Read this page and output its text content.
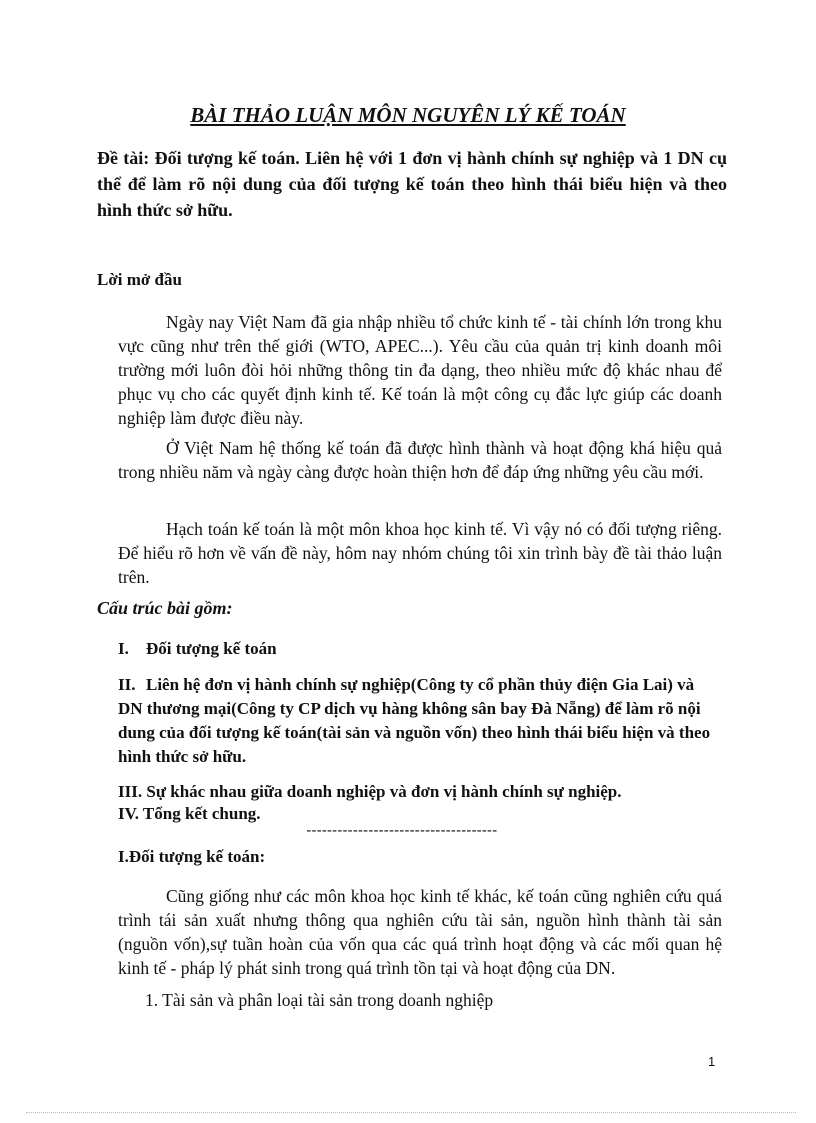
BÀI THẢO LUẬN MÔN NGUYÊN LÝ KẾ TOÁN

Đề tài: Đối tượng kế toán. Liên hệ với 1 đơn vị hành chính sự nghiệp và 1 DN cụ thể để làm rõ nội dung của đối tượng kế toán theo hình thái biểu hiện và theo hình thức sở hữu.

Lời mở đầu

Ngày nay Việt Nam đã gia nhập nhiều tổ chức kinh tế - tài chính lớn trong khu vực cũng như trên thế giới (WTO, APEC...). Yêu cầu của quản trị kinh doanh môi trường mới luôn đòi hỏi những thông tin đa dạng, theo nhiều mức độ khác nhau để phục vụ cho các quyết định kinh tế. Kế toán là một công cụ đắc lực giúp các doanh nghiệp làm được điều này.

Ở Việt Nam hệ thống kế toán đã được hình thành và hoạt động khá hiệu quả trong nhiều năm và ngày càng được hoàn thiện hơn để đáp ứng những yêu cầu mới.

Hạch toán kế toán là một môn khoa học kinh tế. Vì vậy nó có đối tượng riêng. Để hiểu rõ hơn về vấn đề này, hôm nay nhóm chúng tôi xin trình bày đề tài thảo luận trên.

Cấu trúc bài gồm:

I. Đối tượng kế toán

II. Liên hệ đơn vị hành chính sự nghiệp(Công ty cổ phần thủy điện Gia Lai) và DN thương mại(Công ty CP dịch vụ hàng không sân bay Đà Nẵng) để làm rõ nội dung của đối tượng kế toán(tài sản và nguồn vốn) theo hình thái biểu hiện và theo hình thức sở hữu.

III. Sự khác nhau giữa doanh nghiệp và đơn vị hành chính sự nghiệp.

IV. Tổng kết chung.

-------------------------------------

I.Đối tượng kế toán:

Cũng giống như các môn khoa học kinh tế khác, kế toán cũng nghiên cứu quá trình tái sản xuất nhưng thông qua nghiên cứu tài sản, nguồn hình thành tài sản (nguồn vốn),sự tuần hoàn của vốn qua các quá trình hoạt động và các mối quan hệ kinh tế - pháp lý phát sinh trong quá trình tồn tại và hoạt động của DN.

1. Tài sản và phân loại tài sản trong doanh nghiệp

1
